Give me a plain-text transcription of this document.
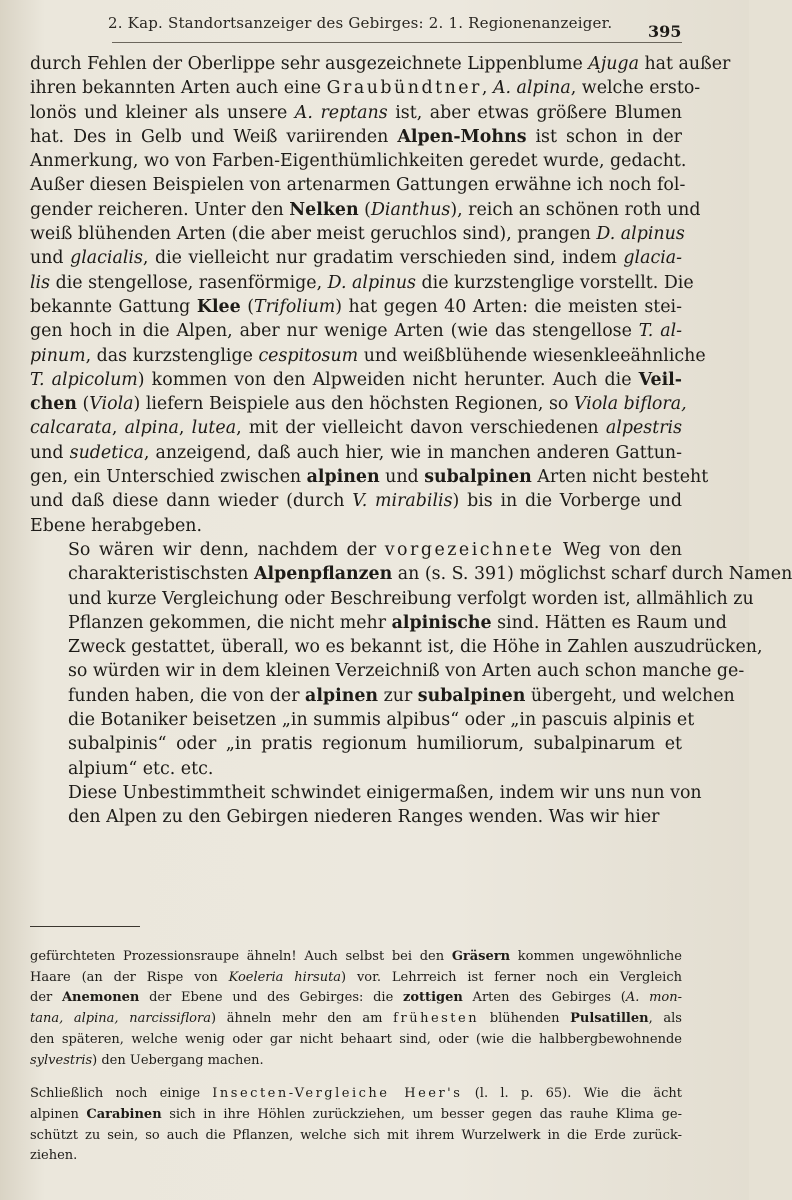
2. Kap. Standortsanzeiger des Gebirges: 2. 1. Regionenanzeiger.	395

durch Fehlen der Oberlippe sehr ausgezeichnete Lippenblume Ajuga hat außer
ihren bekannten Arten auch eine Graubündtner, A. alpina, welche ersto-
lonös und kleiner als unsere A. reptans ist, aber etwas größere Blumen
hat. Des in Gelb und Weiß variirenden Alpen-Mohns ist schon in der
Anmerkung, wo von Farben-Eigenthümlichkeiten geredet wurde, gedacht.
Außer diesen Beispielen von artenarmen Gattungen erwähne ich noch fol-
gender reicheren. Unter den Nelken (Dianthus), reich an schönen roth und
weiß blühenden Arten (die aber meist geruchlos sind), prangen D. alpinus
und glacialis, die vielleicht nur gradatim verschieden sind, indem glacia-
lis die stengellose, rasenförmige, D. alpinus die kurzstenglige vorstellt. Die
bekannte Gattung Klee (Trifolium) hat gegen 40 Arten: die meisten stei-
gen hoch in die Alpen, aber nur wenige Arten (wie das stengellose T. al-
pinum, das kurzstenglige cespitosum und weißblühende wiesenkleeähnliche
T. alpicolum) kommen von den Alpweiden nicht herunter. Auch die Veil-
chen (Viola) liefern Beispiele aus den höchsten Regionen, so Viola biflora,
calcarata, alpina, lutea, mit der vielleicht davon verschiedenen alpestris
und sudetica, anzeigend, daß auch hier, wie in manchen anderen Gattun-
gen, ein Unterschied zwischen alpinen und subalpinen Arten nicht besteht
und daß diese dann wieder (durch V. mirabilis) bis in die Vorberge und
Ebene herabgeben.

So wären wir denn, nachdem der vorgezeichnete Weg von den
charakteristischsten Alpenpflanzen an (s. S. 391) möglichst scharf durch Namen
und kurze Vergleichung oder Beschreibung verfolgt worden ist, allmählich zu
Pflanzen gekommen, die nicht mehr alpinische sind. Hätten es Raum und
Zweck gestattet, überall, wo es bekannt ist, die Höhe in Zahlen auszudrücken,
so würden wir in dem kleinen Verzeichniß von Arten auch schon manche ge-
funden haben, die von der alpinen zur subalpinen übergeht, und welchen
die Botaniker beisetzen „in summis alpibus“ oder „in pascuis alpinis et
subalpinis“ oder „in pratis regionum humiliorum, subalpinarum et
alpium“ etc. etc.

Diese Unbestimmtheit schwindet einigermaßen, indem wir uns nun von
den Alpen zu den Gebirgen niederen Ranges wenden. Was wir hier

gefürchteten Prozessionsraupe ähneln! Auch selbst bei den Gräsern kommen ungewöhnliche
Haare (an der Rispe von Koeleria hirsuta) vor. Lehrreich ist ferner noch ein Vergleich
der Anemonen der Ebene und des Gebirges: die zottigen Arten des Gebirges (A. mon-
tana, alpina, narcissiflora) ähneln mehr den am frühesten blühenden Pulsatillen, als
den späteren, welche wenig oder gar nicht behaart sind, oder (wie die halbbergbewohnende
sylvestris) den Uebergang machen.

Schließlich noch einige Insecten-Vergleiche Heer's (l. l. p. 65). Wie die ächt
alpinen Carabinen sich in ihre Höhlen zurückziehen, um besser gegen das rauhe Klima ge-
schützt zu sein, so auch die Pflanzen, welche sich mit ihrem Wurzelwerk in die Erde zurück-
ziehen.
